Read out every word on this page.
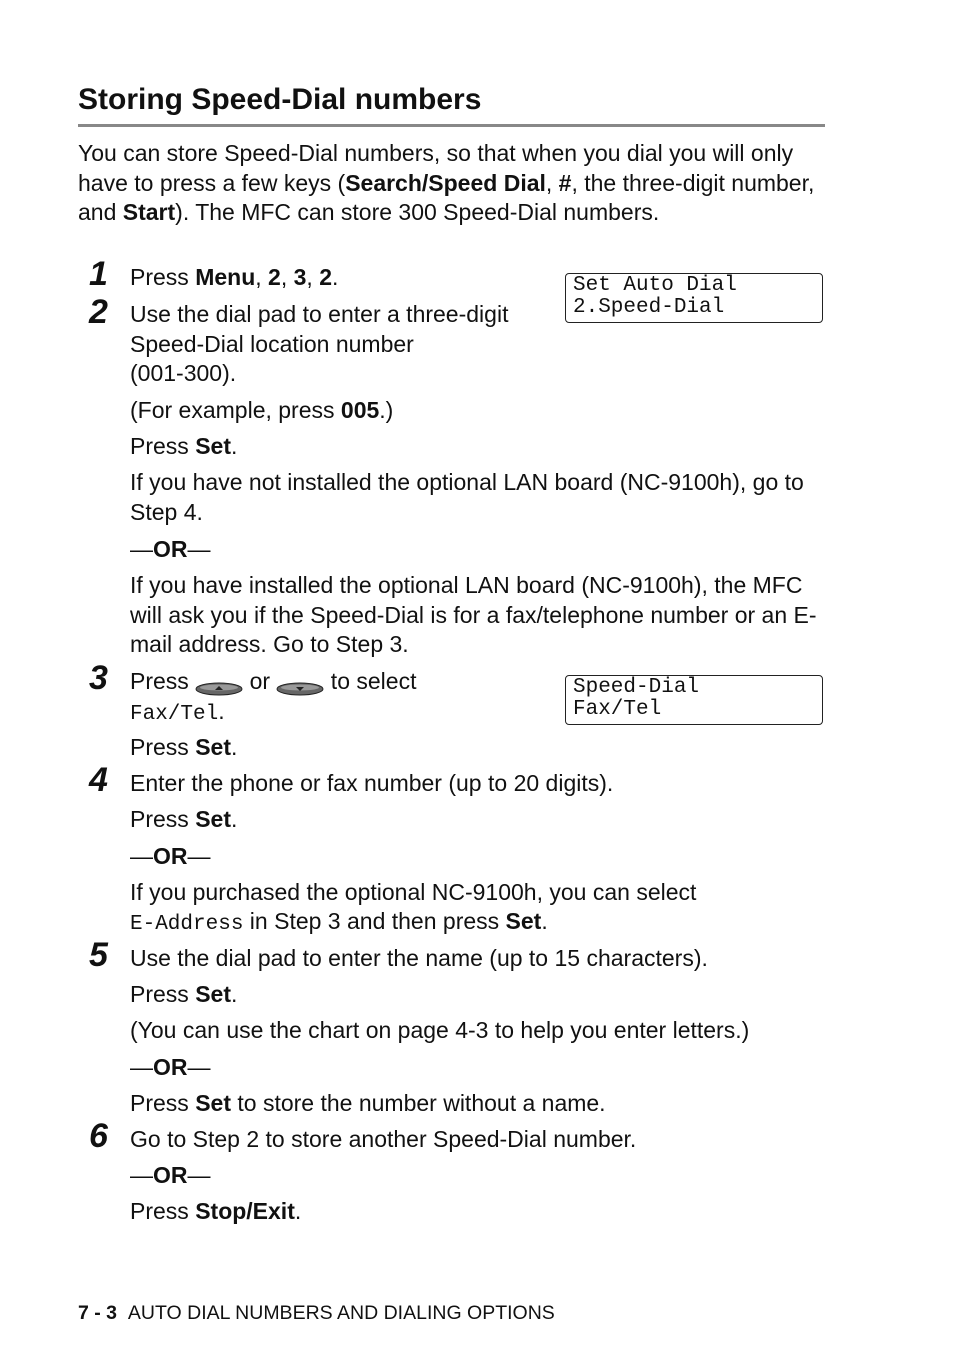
Storing Speed-Dial numbers
You can store Speed-Dial numbers, so that when you dial you will only have to press a few keys (Search/Speed Dial, #, the three-digit number, and Start). The MFC can store 300 Speed-Dial numbers.
Set Auto Dial
2.Speed-Dial
Speed-Dial
Fax/Tel
1 Press Menu, 2, 3, 2.
2 Use the dial pad to enter a three-digit
Speed-Dial location number
(001-300).
(For example, press 005.)
Press Set.
If you have not installed the optional LAN board (NC-9100h), go to Step 4.
—OR—
If you have installed the optional LAN board (NC-9100h), the MFC will ask you if the Speed-Dial is for a fax/telephone number or an E-mail address. Go to Step 3.
3 Press  or  to select
Fax/Tel.
Press Set.
4 Enter the phone or fax number (up to 20 digits).
Press Set.
—OR—
If you purchased the optional NC-9100h, you can select
E-Address in Step 3 and then press Set.
5 Use the dial pad to enter the name (up to 15 characters).
Press Set.
(You can use the chart on page 4-3 to help you enter letters.)
—OR—
Press Set to store the number without a name.
6 Go to Step 2 to store another Speed-Dial number.
—OR—
Press Stop/Exit.
7 - 3 AUTO DIAL NUMBERS AND DIALING OPTIONS
